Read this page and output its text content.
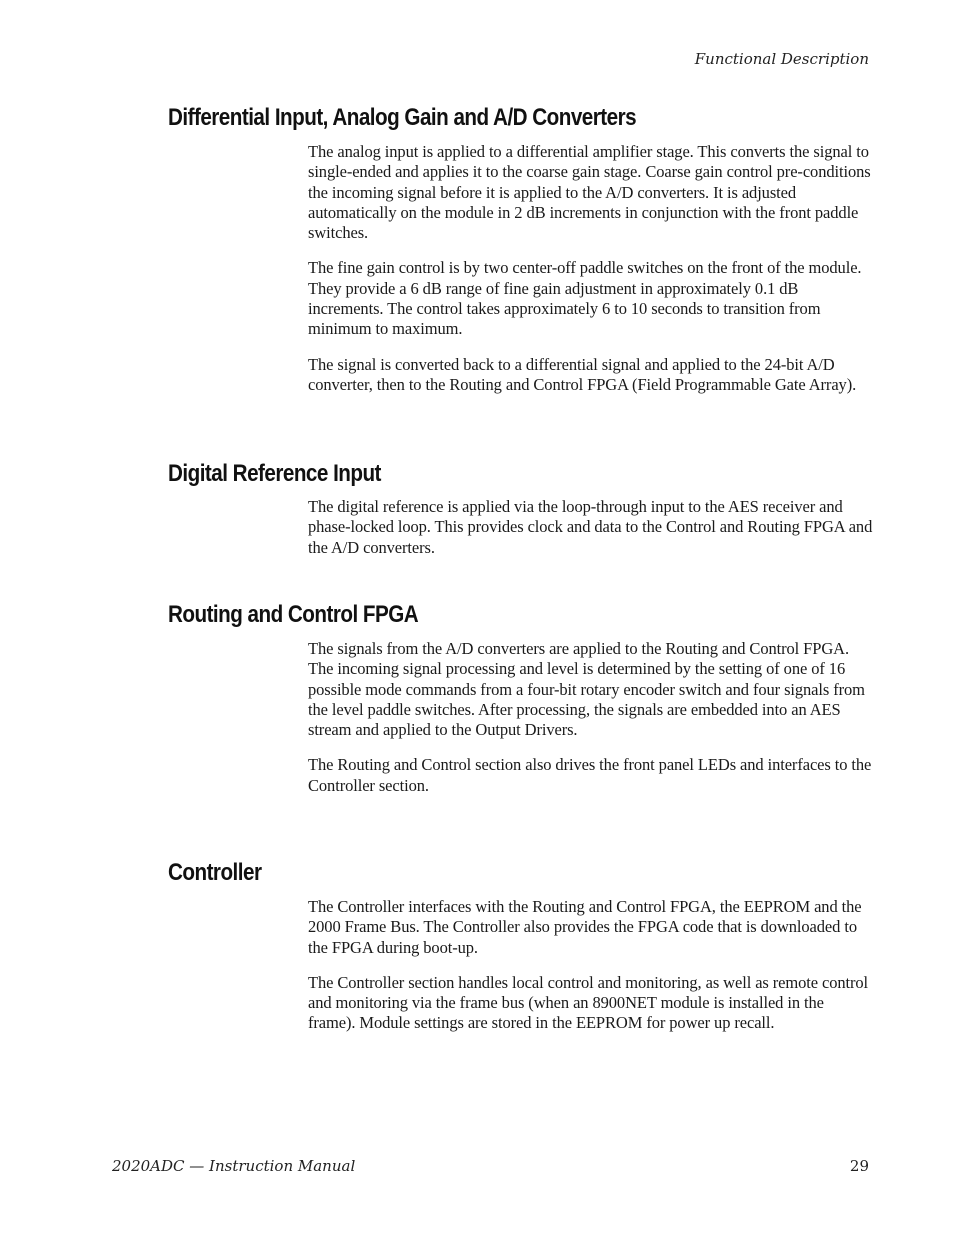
Functional Description
Differential Input, Analog Gain and A/D Converters

The analog input is applied to a differential amplifier stage. This converts the signal to single-ended and applies it to the coarse gain stage. Coarse gain control pre-conditions the incoming signal before it is applied to the A/D converters. It is adjusted automatically on the module in 2 dB increments in conjunction with the front paddle switches.

The fine gain control is by two center-off paddle switches on the front of the module. They provide a 6 dB range of fine gain adjustment in approximately 0.1 dB increments. The control takes approximately 6 to 10 seconds to transition from minimum to maximum.

The signal is converted back to a differential signal and applied to the 24-bit A/D converter, then to the Routing and Control FPGA (Field Programmable Gate Array).

Digital Reference Input

The digital reference is applied via the loop-through input to the AES receiver and phase-locked loop. This provides clock and data to the Control and Routing FPGA and the A/D converters.

Routing and Control FPGA

The signals from the A/D converters are applied to the Routing and Control FPGA. The incoming signal processing and level is determined by the setting of one of 16 possible mode commands from a four-bit rotary encoder switch and four signals from the level paddle switches. After processing, the signals are embedded into an AES stream and applied to the Output Drivers.

The Routing and Control section also drives the front panel LEDs and interfaces to the Controller section.

Controller

The Controller interfaces with the Routing and Control FPGA, the EEPROM and the 2000 Frame Bus. The Controller also provides the FPGA code that is downloaded to the FPGA during boot-up.

The Controller section handles local control and monitoring, as well as remote control and monitoring via the frame bus (when an 8900NET module is installed in the frame). Module settings are stored in the EEPROM for power up recall.

2020ADC — Instruction Manual	29
